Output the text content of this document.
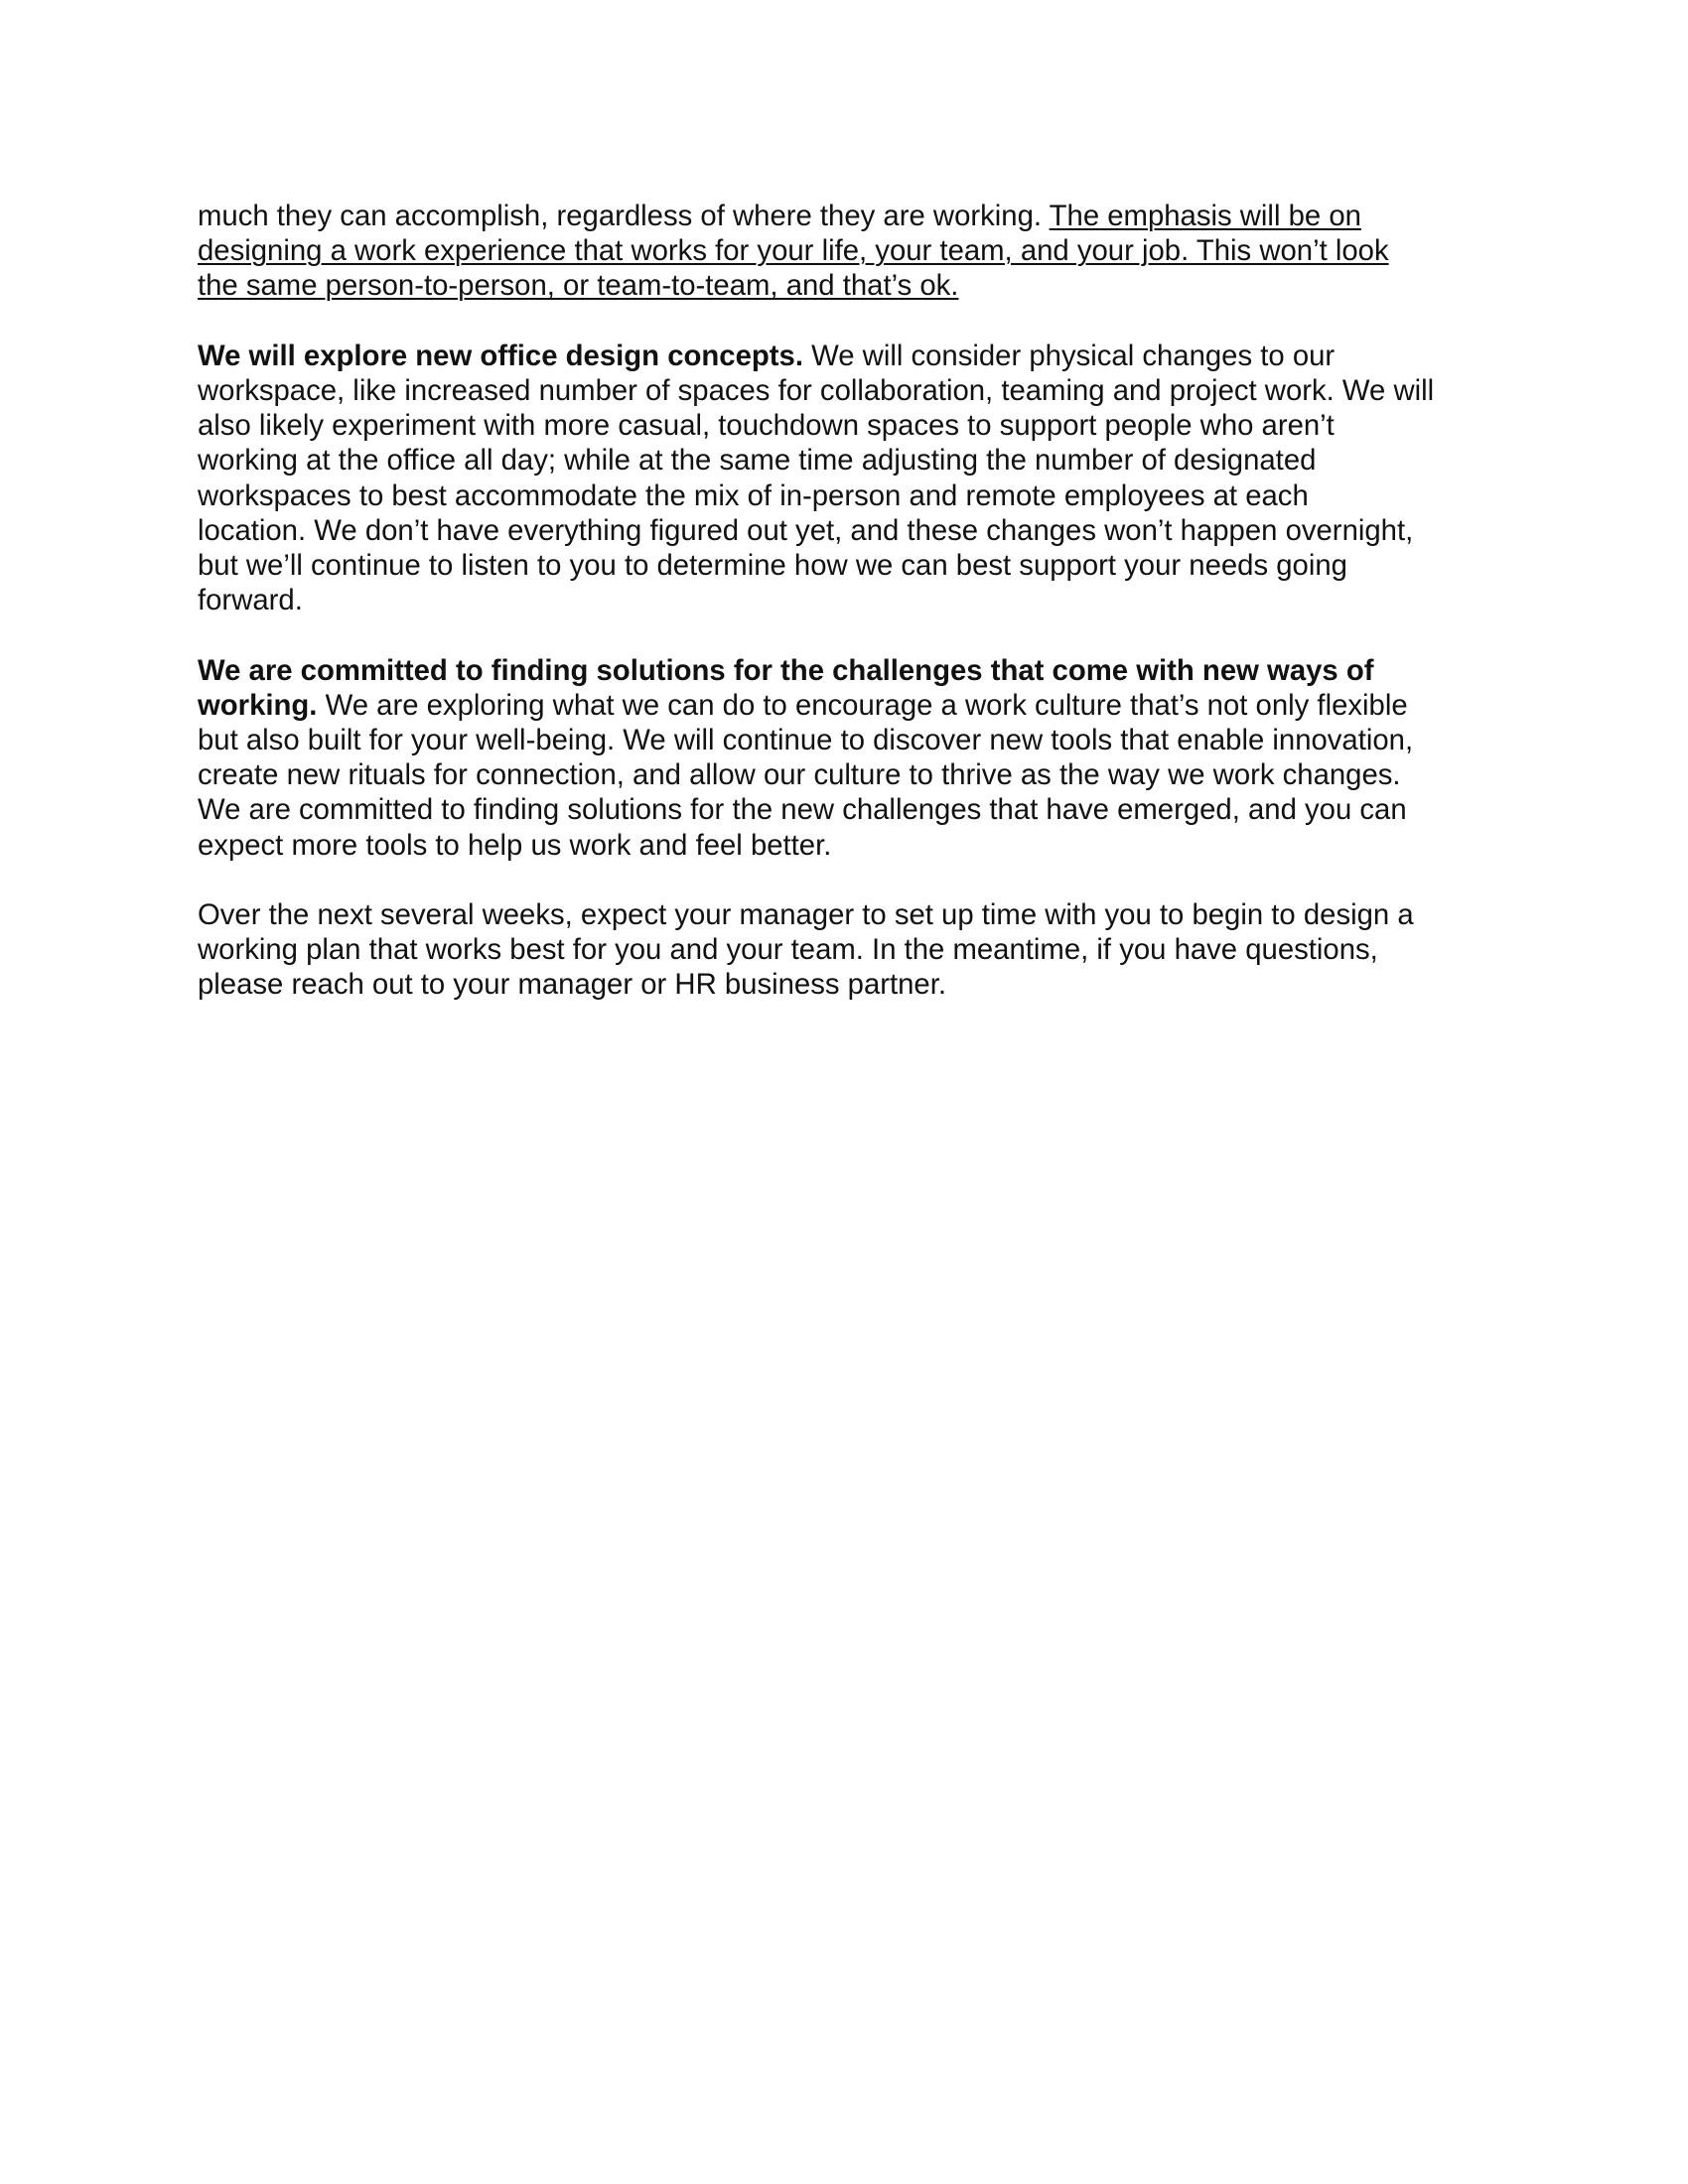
much they can accomplish, regardless of where they are working. The emphasis will be on
designing a work experience that works for your life, your team, and your job. This won’t look
the same person-to-person, or team-to-team, and that’s ok.

We will explore new office design concepts. We will consider physical changes to our
workspace, like increased number of spaces for collaboration, teaming and project work. We will
also likely experiment with more casual, touchdown spaces to support people who aren’t
working at the office all day; while at the same time adjusting the number of designated
workspaces to best accommodate the mix of in-person and remote employees at each
location. We don’t have everything figured out yet, and these changes won’t happen overnight,
but we’ll continue to listen to you to determine how we can best support your needs going
forward.

We are committed to finding solutions for the challenges that come with new ways of
working. We are exploring what we can do to encourage a work culture that’s not only flexible
but also built for your well-being. We will continue to discover new tools that enable innovation,
create new rituals for connection, and allow our culture to thrive as the way we work changes.
We are committed to finding solutions for the new challenges that have emerged, and you can
expect more tools to help us work and feel better.

Over the next several weeks, expect your manager to set up time with you to begin to design a
working plan that works best for you and your team. In the meantime, if you have questions,
please reach out to your manager or HR business partner.
